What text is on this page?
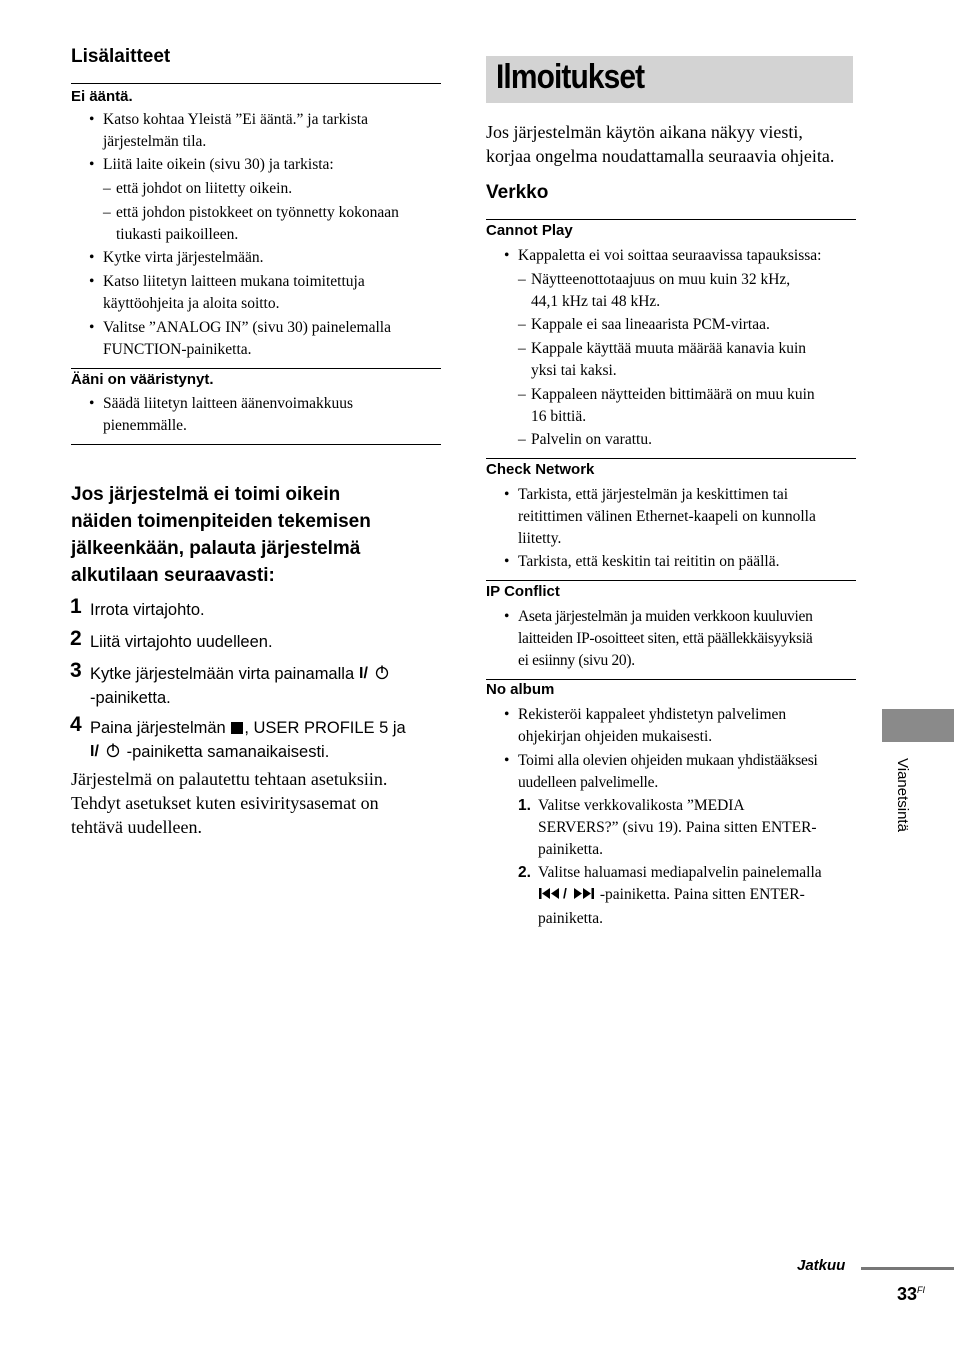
Lisälaitteet
Ei ääntä.
• Katso kohtaa Yleistä ”Ei ääntä.” ja tarkista
järjestelmän tila.
• Liitä laite oikein (sivu 30) ja tarkista:
– että johdot on liitetty oikein.
– että johdon pistokkeet on työnnetty kokonaan
tiukasti paikoilleen.
• Kytke virta järjestelmään.
• Katso liitetyn laitteen mukana toimitettuja
käyttöohjeita ja aloita soitto.
• Valitse ”ANALOG IN” (sivu 30) painelemalla
FUNCTION-painiketta.
Ääni on vääristynyt.
• Säädä liitetyn laitteen äänenvoimakkuus
pienemmälle.
Jos järjestelmä ei toimi oikein
näiden toimenpiteiden tekemisen
jälkeenkään, palauta järjestelmä
alkutilaan seuraavasti:
1 Irrota virtajohto.
2 Liitä virtajohto uudelleen.
3 Kytke järjestelmään virta painamalla I/

-painiketta.
4 Paina järjestelmän , USER PROFILE 5 ja

I/ -painiketta samanaikaisesti.
Järjestelmä on palautettu tehtaan asetuksiin.
Tehdyt asetukset kuten esiviritysasemat on
tehtävä uudelleen.
Ilmoitukset
Jos järjestelmän käytön aikana näkyy viesti,
korjaa ongelma noudattamalla seuraavia ohjeita.
Verkko
Cannot Play
• Kappaletta ei voi soittaa seuraavissa tapauksissa:
– Näytteenottotaajuus on muu kuin 32 kHz,
44,1 kHz tai 48 kHz.
– Kappale ei saa lineaarista PCM-virtaa.
– Kappale käyttää muuta määrää kanavia kuin
yksi tai kaksi.
– Kappaleen näytteiden bittimäärä on muu kuin
16 bittiä.
– Palvelin on varattu.
Check Network
• Tarkista, että järjestelmän ja keskittimen tai
reitittimen välinen Ethernet-kaapeli on kunnolla
liitetty.
• Tarkista, että keskitin tai reititin on päällä.
IP Conflict
• Aseta järjestelmän ja muiden verkkoon kuuluvien
laitteiden IP-osoitteet siten, että päällekkäisyyksiä
ei esiinny (sivu 20).
No album
• Rekisteröi kappaleet yhdistetyn palvelimen
ohjekirjan ohjeiden mukaisesti.
• Toimi alla olevien ohjeiden mukaan yhdistääksesi
uudelleen palvelimelle.
1. Valitse verkkovalikosta ”MEDIA
SERVERS?” (sivu 19). Paina sitten ENTER-
painiketta.
2. Valitse haluamasi mediapalvelin painelemalla

/ -painiketta. Paina sitten ENTER-
painiketta.
Vianetsintä
Jatkuu
$33^{FI}$
